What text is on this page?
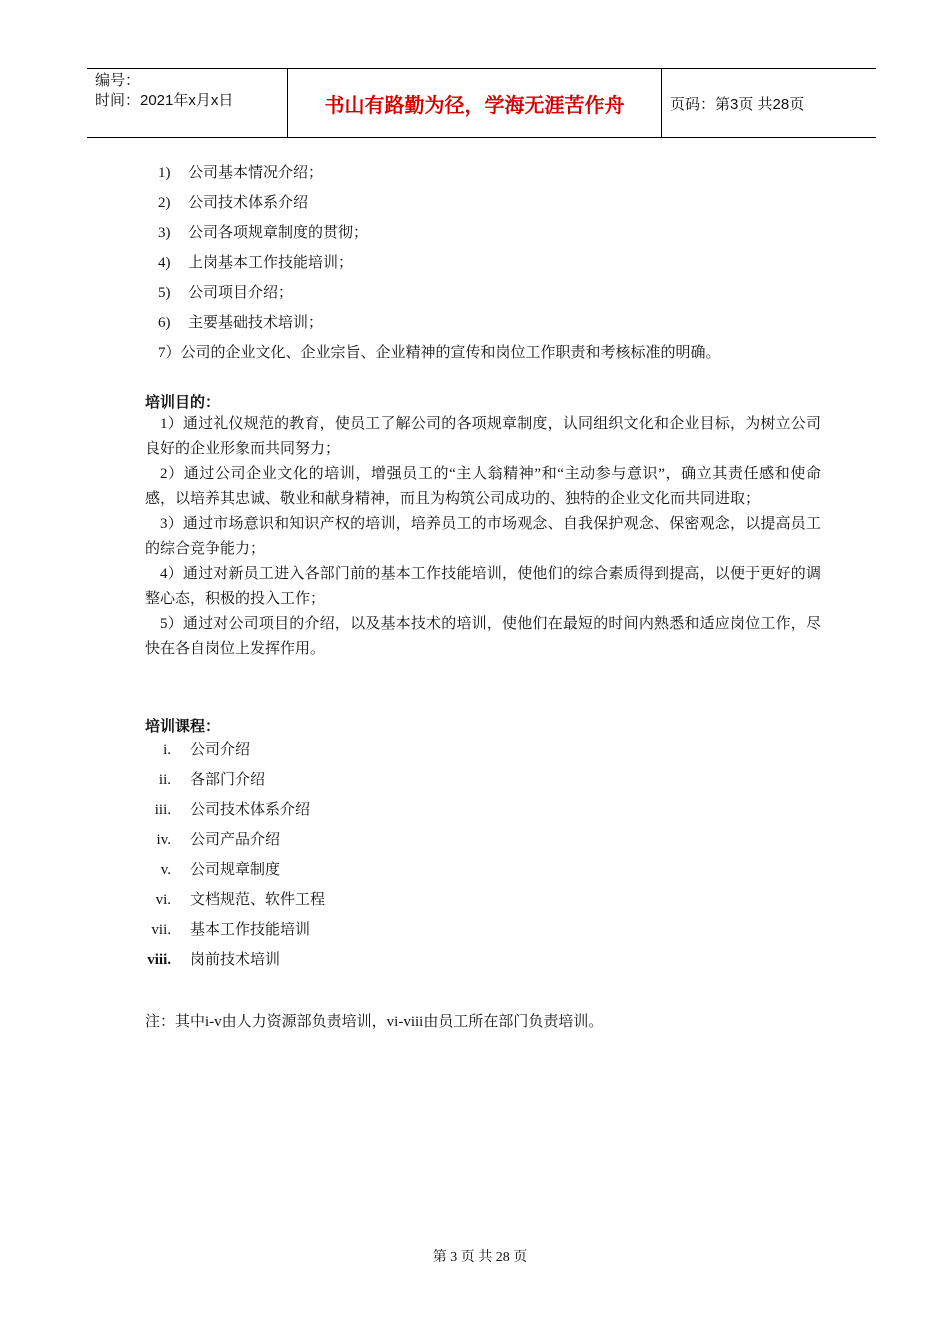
编号：
时间：2021年x月x日	书山有路勤为径，学海无涯苦作舟	页码：第3页 共28页
1) 公司基本情况介绍；
2) 公司技术体系介绍
3) 公司各项规章制度的贯彻；
4) 上岗基本工作技能培训；
5) 公司项目介绍；
6) 主要基础技术培训；
7）公司的企业文化、企业宗旨、企业精神的宣传和岗位工作职责和考核标准的明确。
培训目的：

1）通过礼仪规范的教育，使员工了解公司的各项规章制度，认同组织文化和企业目标，为树立公司良好的企业形象而共同努力；

2）通过公司企业文化的培训，增强员工的“主人翁精神”和“主动参与意识”，确立其责任感和使命感，以培养其忠诚、敬业和献身精神，而且为构筑公司成功的、独特的企业文化而共同进取；

3）通过市场意识和知识产权的培训，培养员工的市场观念、自我保护观念、保密观念，以提高员工的综合竞争能力；

4）通过对新员工进入各部门前的基本工作技能培训，使他们的综合素质得到提高，以便于更好的调整心态，积极的投入工作；

5）通过对公司项目的介绍，以及基本技术的培训，使他们在最短的时间内熟悉和适应岗位工作，尽快在各自岗位上发挥作用。

培训课程：
i. 公司介绍
ii. 各部门介绍
iii. 公司技术体系介绍
iv. 公司产品介绍
v. 公司规章制度
vi. 文档规范、软件工程
vii. 基本工作技能培训
viii. 岗前技术培训
注：其中i-v由人力资源部负责培训，vi-viii由员工所在部门负责培训。
第 3 页 共 28 页
